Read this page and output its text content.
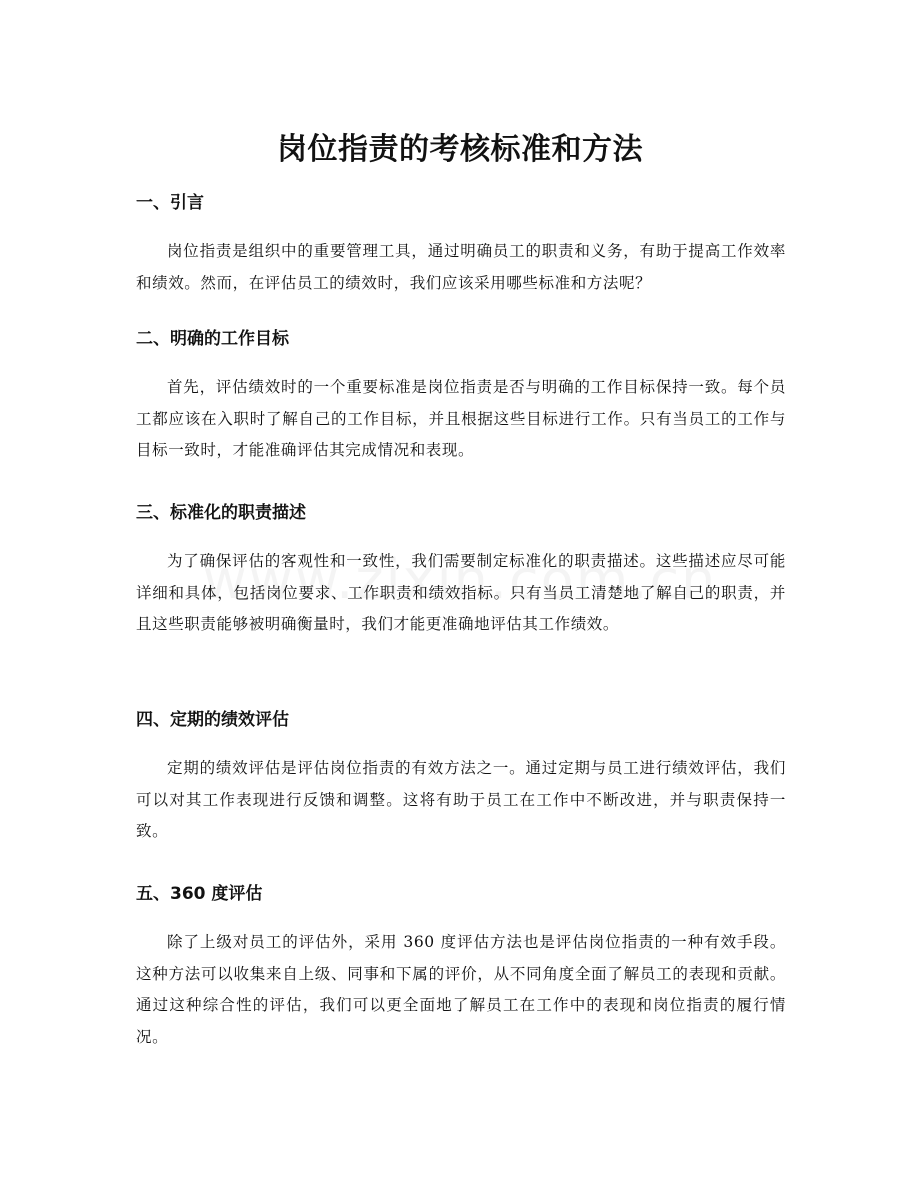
岗位指责的考核标准和方法
一、引言

岗位指责是组织中的重要管理工具，通过明确员工的职责和义务，有助于提高工作效率和绩效。然而，在评估员工的绩效时，我们应该采用哪些标准和方法呢？

二、明确的工作目标

首先，评估绩效时的一个重要标准是岗位指责是否与明确的工作目标保持一致。每个员工都应该在入职时了解自己的工作目标，并且根据这些目标进行工作。只有当员工的工作与目标一致时，才能准确评估其完成情况和表现。

三、标准化的职责描述

为了确保评估的客观性和一致性，我们需要制定标准化的职责描述。这些描述应尽可能详细和具体，包括岗位要求、工作职责和绩效指标。只有当员工清楚地了解自己的职责，并且这些职责能够被明确衡量时，我们才能更准确地评估其工作绩效。

四、定期的绩效评估

定期的绩效评估是评估岗位指责的有效方法之一。通过定期与员工进行绩效评估，我们可以对其工作表现进行反馈和调整。这将有助于员工在工作中不断改进，并与职责保持一致。

五、360 度评估

除了上级对员工的评估外，采用 360 度评估方法也是评估岗位指责的一种有效手段。这种方法可以收集来自上级、同事和下属的评价，从不同角度全面了解员工的表现和贡献。通过这种综合性的评估，我们可以更全面地了解员工在工作中的表现和岗位指责的履行情况。
